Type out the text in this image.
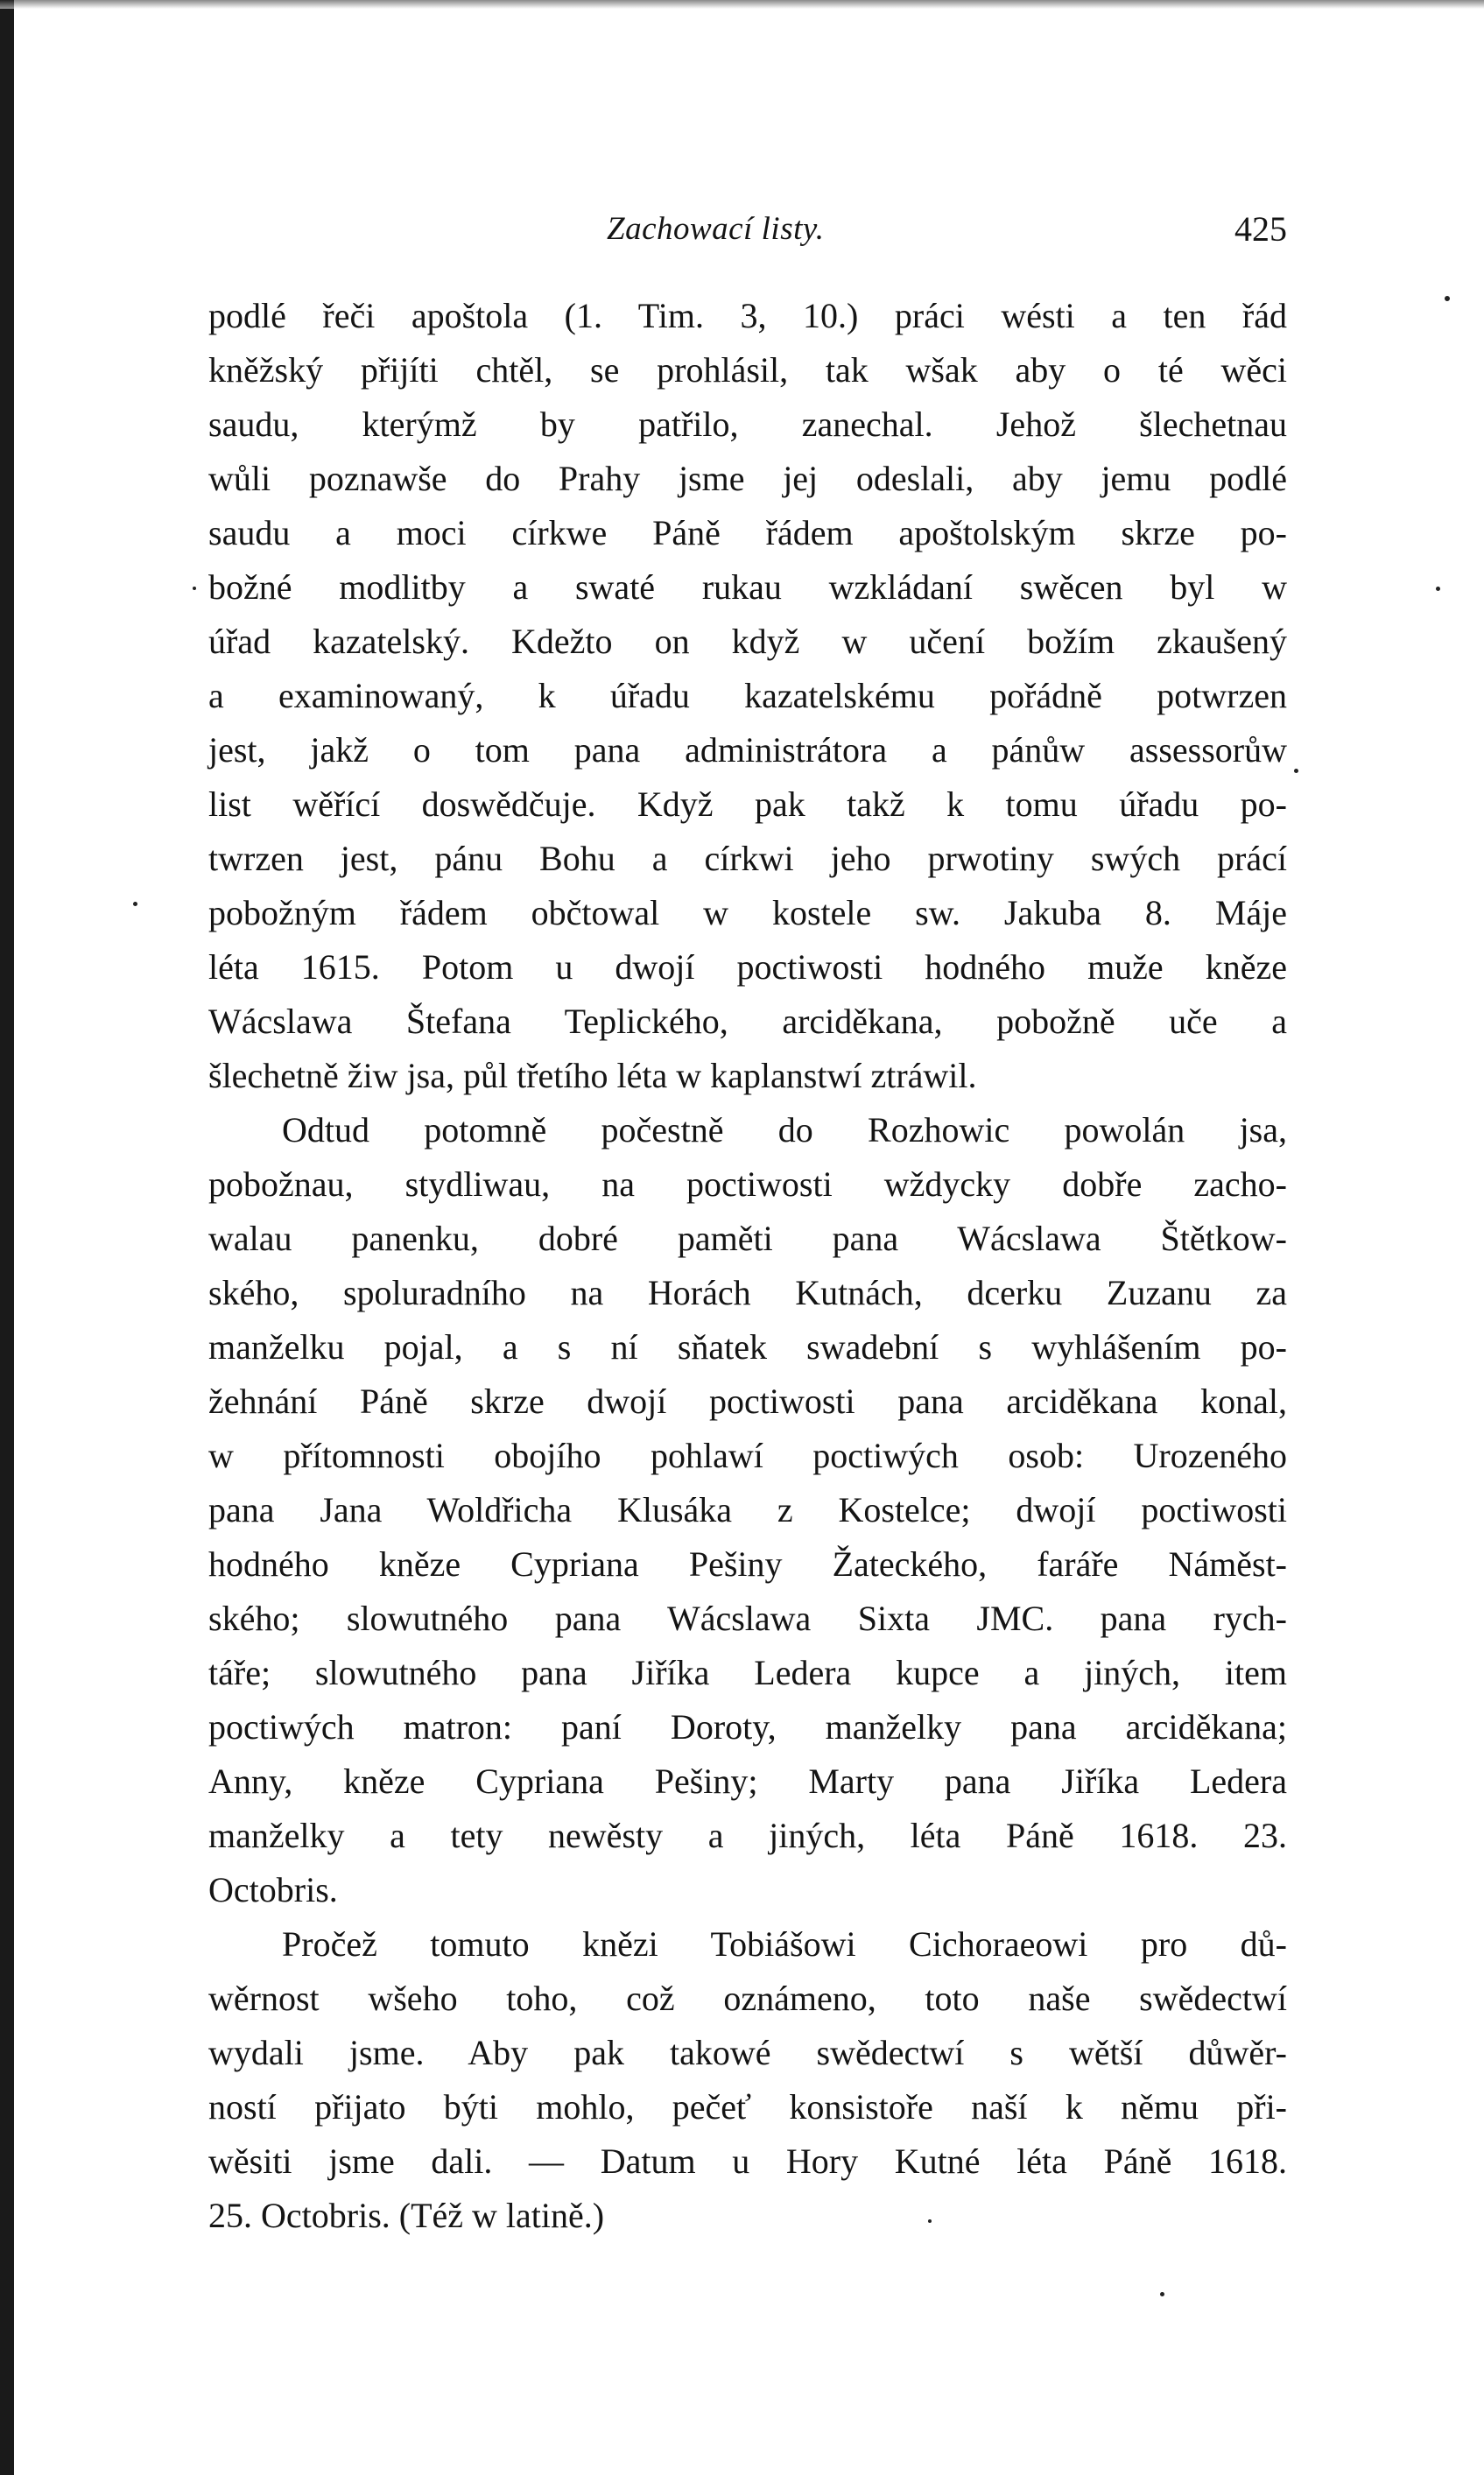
Zachowací listy.	425
podlé řeči apoštola (1. Tim. 3, 10.) práci wésti a ten řád
kněžský přijíti chtěl, se prohlásil, tak wšak aby o té wěci
saudu, kterýmž by patřilo, zanechal. Jehož šlechetnau
wůli poznawše do Prahy jsme jej odeslali, aby jemu podlé
saudu a moci církwe Páně řádem apoštolským skrze po-
božné modlitby a swaté rukau wzkládaní swěcen byl w
úřad kazatelský. Kdežto on když w učení božím zkaušený
a examinowaný, k úřadu kazatelskému pořádně potwrzen
jest, jakž o tom pana administrátora a pánůw assessorůw
list wěřící doswědčuje. Když pak takž k tomu úřadu po-
twrzen jest, pánu Bohu a církwi jeho prwotiny swých prácí
pobožným řádem občtowal w kostele sw. Jakuba 8. Máje
léta 1615. Potom u dwojí poctiwosti hodného muže kněze
Wácslawa Štefana Teplického, arciděkana, pobožně uče a
šlechetně žiw jsa, půl třetího léta w kaplanstwí ztráwil.
Odtud potomně počestně do Rozhowic powolán jsa,
pobožnau, stydliwau, na poctiwosti wždycky dobře zacho-
walau panenku, dobré paměti pana Wácslawa Štětkow-
ského, spoluradního na Horách Kutnách, dcerku Zuzanu za
manželku pojal, a s ní sňatek swadební s wyhlášením po-
žehnání Páně skrze dwojí poctiwosti pana arciděkana konal,
w přítomnosti obojího pohlawí poctiwých osob: Urozeného
pana Jana Woldřicha Klusáka z Kostelce; dwojí poctiwosti
hodného kněze Cypriana Pešiny Žateckého, faráře Náměst-
ského; slowutného pana Wácslawa Sixta JMC. pana rych-
táře; slowutného pana Jiříka Ledera kupce a jiných, item
poctiwých matron: paní Doroty, manželky pana arciděkana;
Anny, kněze Cypriana Pešiny; Marty pana Jiříka Ledera
manželky a tety newěsty a jiných, léta Páně 1618. 23.
Octobris.
Pročež tomuto knězi Tobiášowi Cichoraeowi pro dů-
wěrnost wšeho toho, což oznámeno, toto naše swědectwí
wydali jsme. Aby pak takowé swědectwí s wětší důwěr-
ností přijato býti mohlo, pečeť konsistoře naší k němu při-
wěsiti jsme dali. — Datum u Hory Kutné léta Páně 1618.
25. Octobris. (Též w latině.)
